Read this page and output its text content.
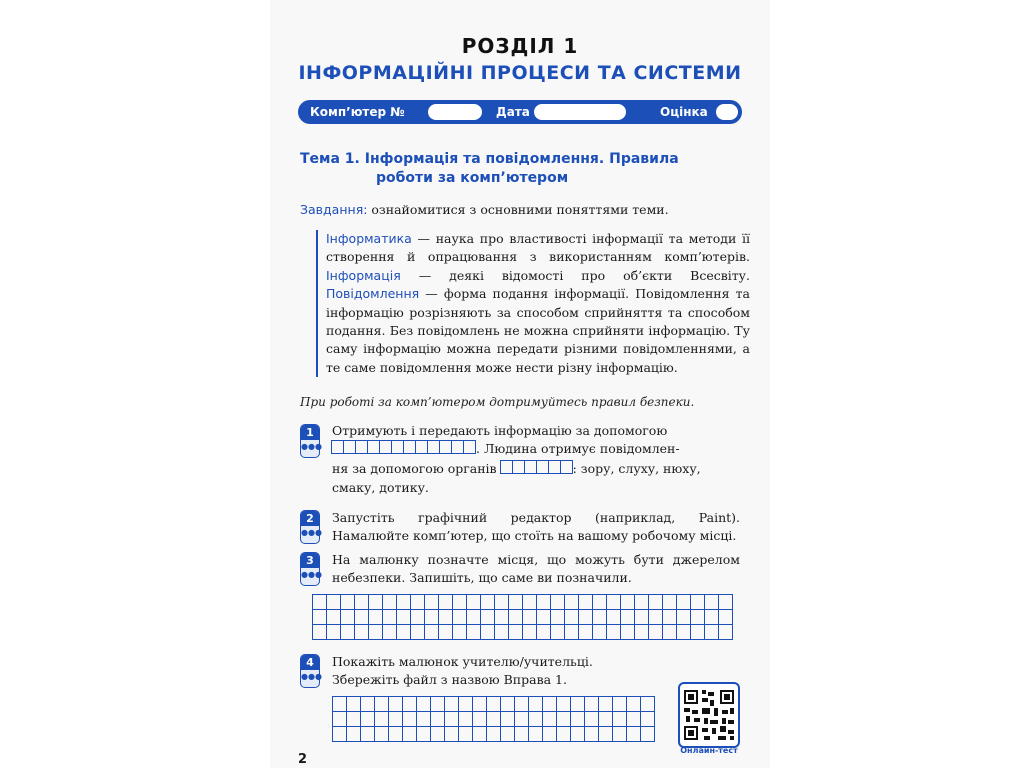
РОЗДІЛ 1
ІНФОРМАЦІЙНІ ПРОЦЕСИ ТА СИСТЕМИ
Комп’ютер №	Дата	Оцінка
Тема 1. Інформація та повідомлення. Правила
роботи за комп’ютером
Завдання: ознайомитися з основними поняттями теми.
Інформатика — наука про властивості інформації та методи її створення й опрацювання з використанням комп’ютерів. Інформація — деякі відомості про об’єкти Всесвіту. Повідомлення — форма подання інформації. Повідомлення та інформацію розрізняють за способом сприйняття та способом подання. Без повідомлень не можна сприйняти інформацію. Ту саму інформацію можна передати різними повідомленнями, а те саме повідомлення може нести різну інформацію.
При роботі за комп’ютером дотримуйтесь правил безпеки.
1
●●●
Отримують і передають інформацію за допомогою
. Людина отримує повідомлен-
ня за допомогою органів	: зору, слуху, нюху,
смаку, дотику.
2
●●●
Запустіть графічний редактор (наприклад, Paint). Намалюйте комп’ютер, що стоїть на вашому робочому місці.
3
●●●
На малюнку позначте місця, що можуть бути джерелом небезпеки. Запишіть, що саме ви позначили.
4
●●●
Покажіть малюнок учителю/учительці.
Збережіть файл з назвою Вправа 1.
Онлайн-тест
2
